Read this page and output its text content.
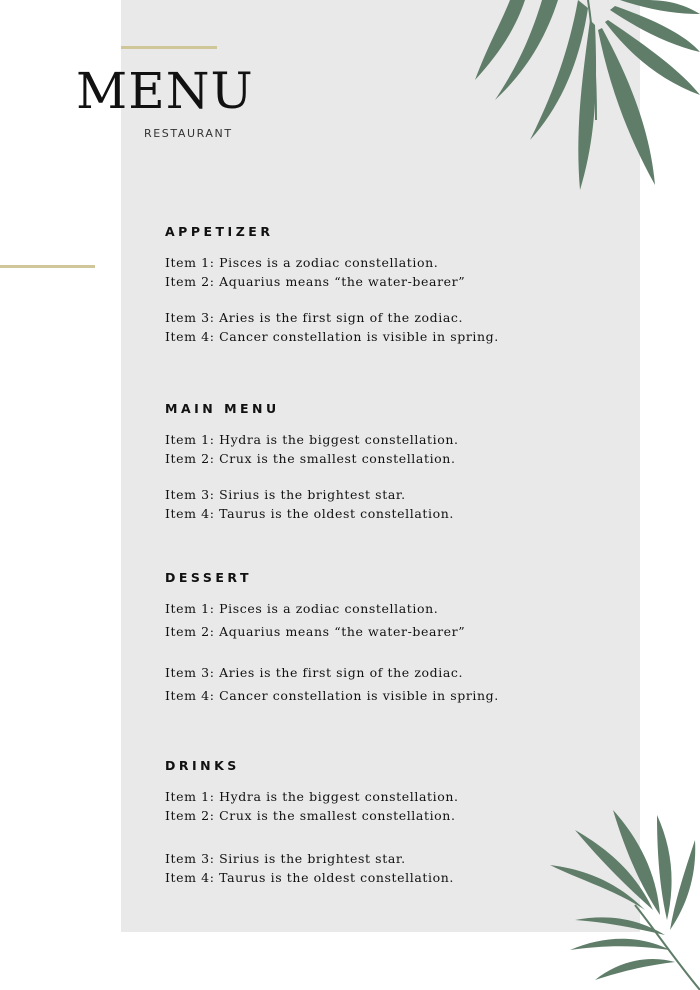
MENU
RESTAURANT
APPETIZER
Item 1: Pisces is a zodiac constellation.
Item 2: Aquarius means “the water-bearer”
Item 3: Aries is the first sign of the zodiac.
Item 4: Cancer constellation is visible in spring.
MAIN MENU
Item 1: Hydra is the biggest constellation.
Item 2: Crux is the smallest constellation.
Item 3: Sirius is the brightest star.
Item 4: Taurus is the oldest constellation.
DESSERT
Item 1: Pisces is a zodiac constellation.
Item 2: Aquarius means “the water-bearer”
Item 3: Aries is the first sign of the zodiac.
Item 4: Cancer constellation is visible in spring.
DRINKS
Item 1: Hydra is the biggest constellation.
Item 2: Crux is the smallest constellation.
Item 3: Sirius is the brightest star.
Item 4: Taurus is the oldest constellation.
